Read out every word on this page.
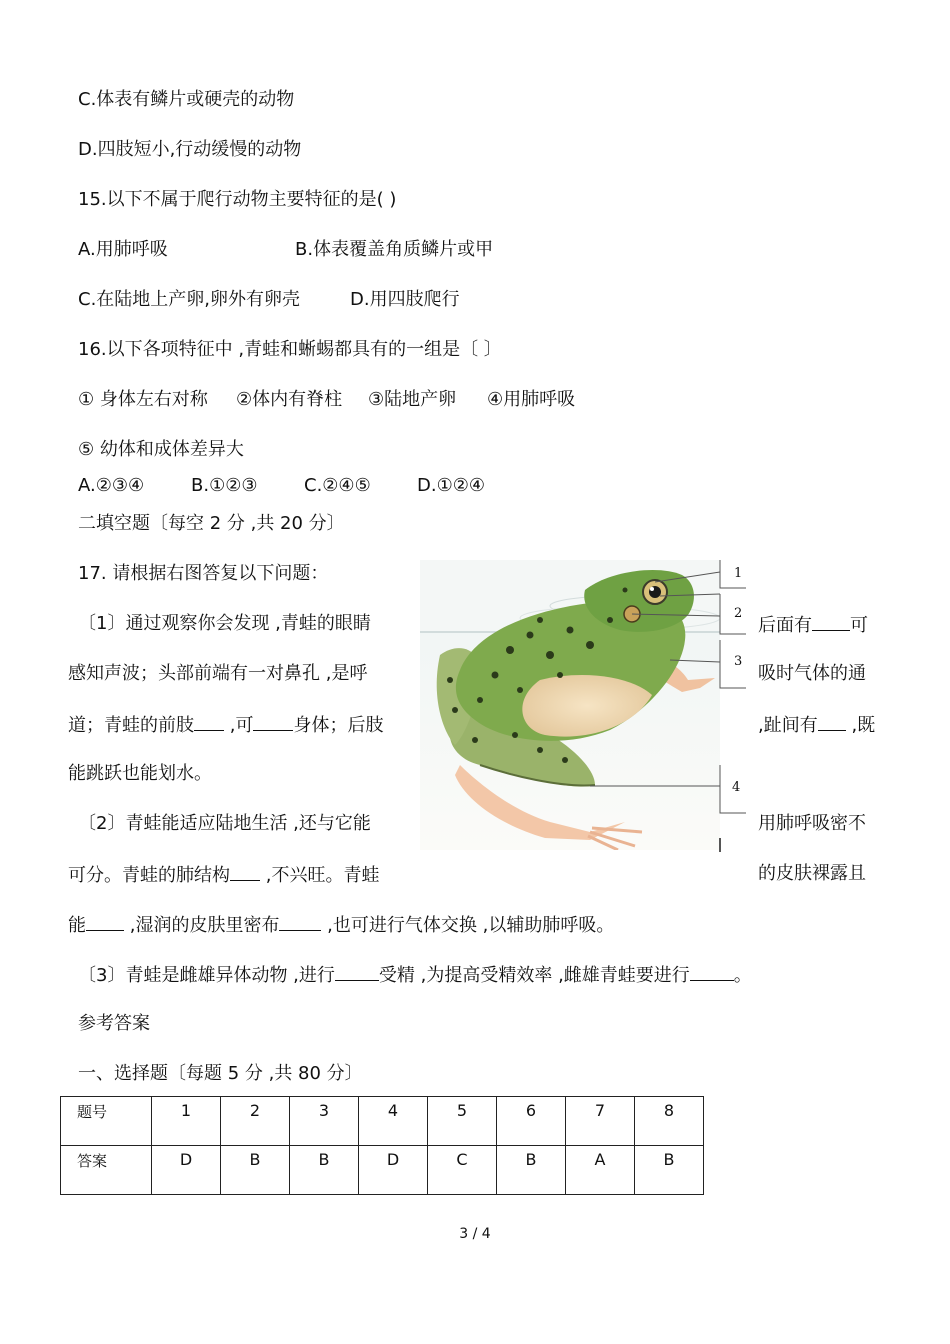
C.体表有鳞片或硬壳的动物
D.四肢短小,行动缓慢的动物
15.以下不属于爬行动物主要特征的是( )
A.用肺呼吸	B.体表覆盖角质鳞片或甲
C.在陆地上产卵,卵外有卵壳	D.用四肢爬行
16.以下各项特征中 ,青蛙和蜥蜴都具有的一组是〔 〕
① 身体左右对称 ②体内有脊柱 ③陆地产卵 ④用肺呼吸
⑤ 幼体和成体差异大
A.②③④	B.①②③	C.②④⑤	D.①②④
二填空题〔每空 2 分 ,共 20 分〕
17. 请根据右图答复以下问题：
〔1〕通过观察你会发现 ,青蛙的眼睛	后面有 可
感知声波；头部前端有一对鼻孔 ,是呼	吸时气体的通
道；青蛙的前肢 ,可 身体；后肢	,趾间有 ,既
能跳跃也能划水。
〔2〕青蛙能适应陆地生活 ,还与它能	用肺呼吸密不
可分。青蛙的肺结构 ,不兴旺。青蛙	的皮肤裸露且
能 ,湿润的皮肤里密布 ,也可进行气体交换 ,以辅助肺呼吸。
〔3〕青蛙是雌雄异体动物 ,进行 受精 ,为提高受精效率 ,雌雄青蛙要进行 。
1
2
3
4
参考答案
一、选择题〔每题 5 分 ,共 80 分〕
题号	1	2	3	4	5	6	7	8

答案	D	B	B	D	C	B	A	B
3 / 4
